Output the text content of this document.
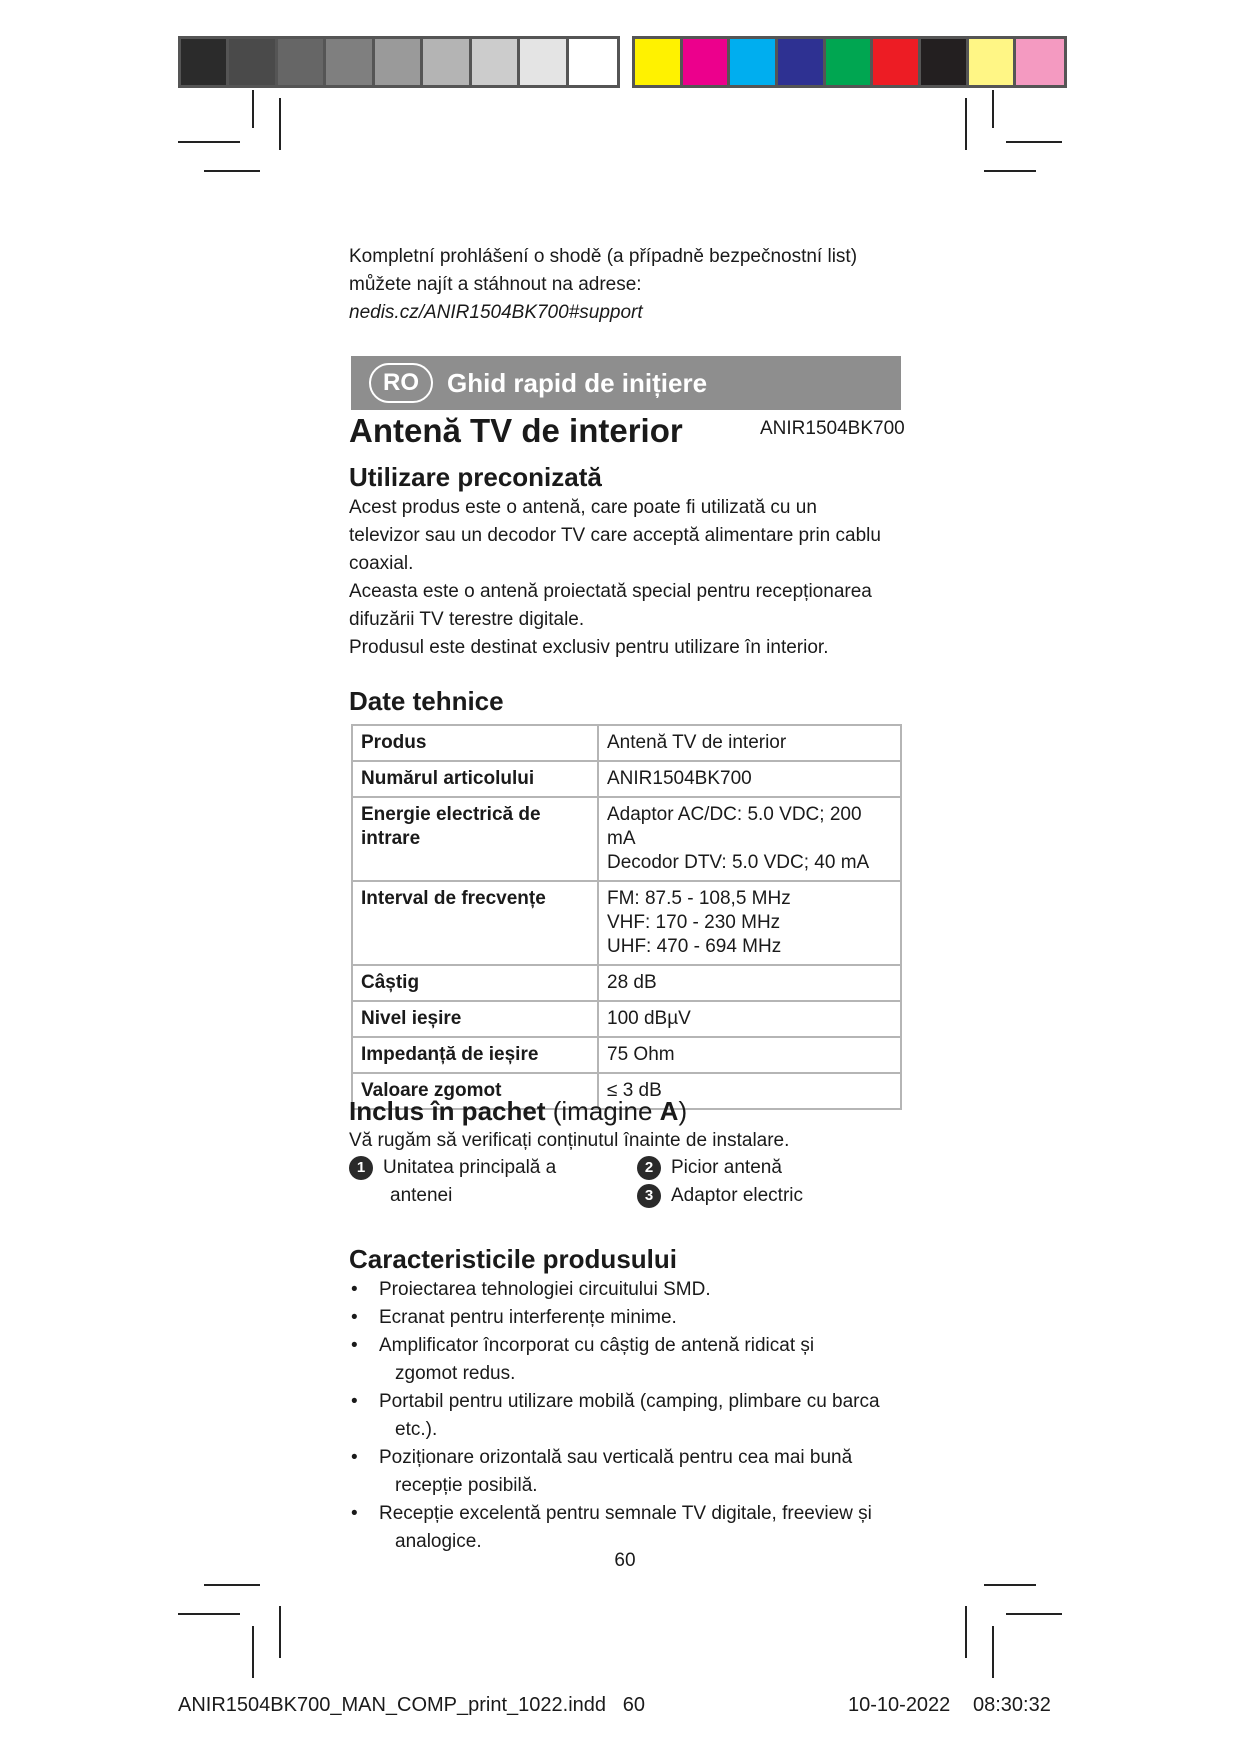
Kompletní prohlášení o shodě (a případně bezpečnostní list)

můžete najít a stáhnout na adrese:

nedis.cz/ANIR1504BK700#support

RO	Ghid rapid de inițiere
Antenă TV de interior	ANIR1504BK700
Utilizare preconizată

Acest produs este o antenă, care poate fi utilizată cu un

televizor sau un decodor TV care acceptă alimentare prin cablu

coaxial.

Aceasta este o antenă proiectată special pentru recepționarea

difuzării TV terestre digitale.

Produsul este destinat exclusiv pentru utilizare în interior.

Date tehnice
Produs	Antenă TV de interior
Numărul articolului	ANIR1504BK700
Energie electrică de intrare	Adaptor AC/DC: 5.0 VDC; 200 mA
Decodor DTV: 5.0 VDC; 40 mA

Interval de frecvențe	FM: 87.5 - 108,5 MHz
VHF: 170 - 230 MHz
UHF: 470 - 694 MHz

Câștig	28 dB
Nivel ieșire	100 dBµV
Impedanță de ieșire	75 Ohm
Valoare zgomot	≤ 3 dB
Inclus în pachet (imagine A)

Vă rugăm să verificați conținutul înainte de instalare.

1 Unitatea principală a
antenei
2 Picior antenă
3 Adaptor electric
Caracteristicile produsului
• Proiectarea tehnologiei circuitului SMD.
• Ecranat pentru interferențe minime.
• Amplificator încorporat cu câștig de antenă ridicat și
zgomot redus.
• Portabil pentru utilizare mobilă (camping, plimbare cu barca
etc.).
• Poziționare orizontală sau verticală pentru cea mai bună
recepție posibilă.
• Recepție excelentă pentru semnale TV digitale, freeview și
analogice.
60
ANIR1504BK700_MAN_COMP_print_1022.indd   60	10-10-2022 08:30:32
